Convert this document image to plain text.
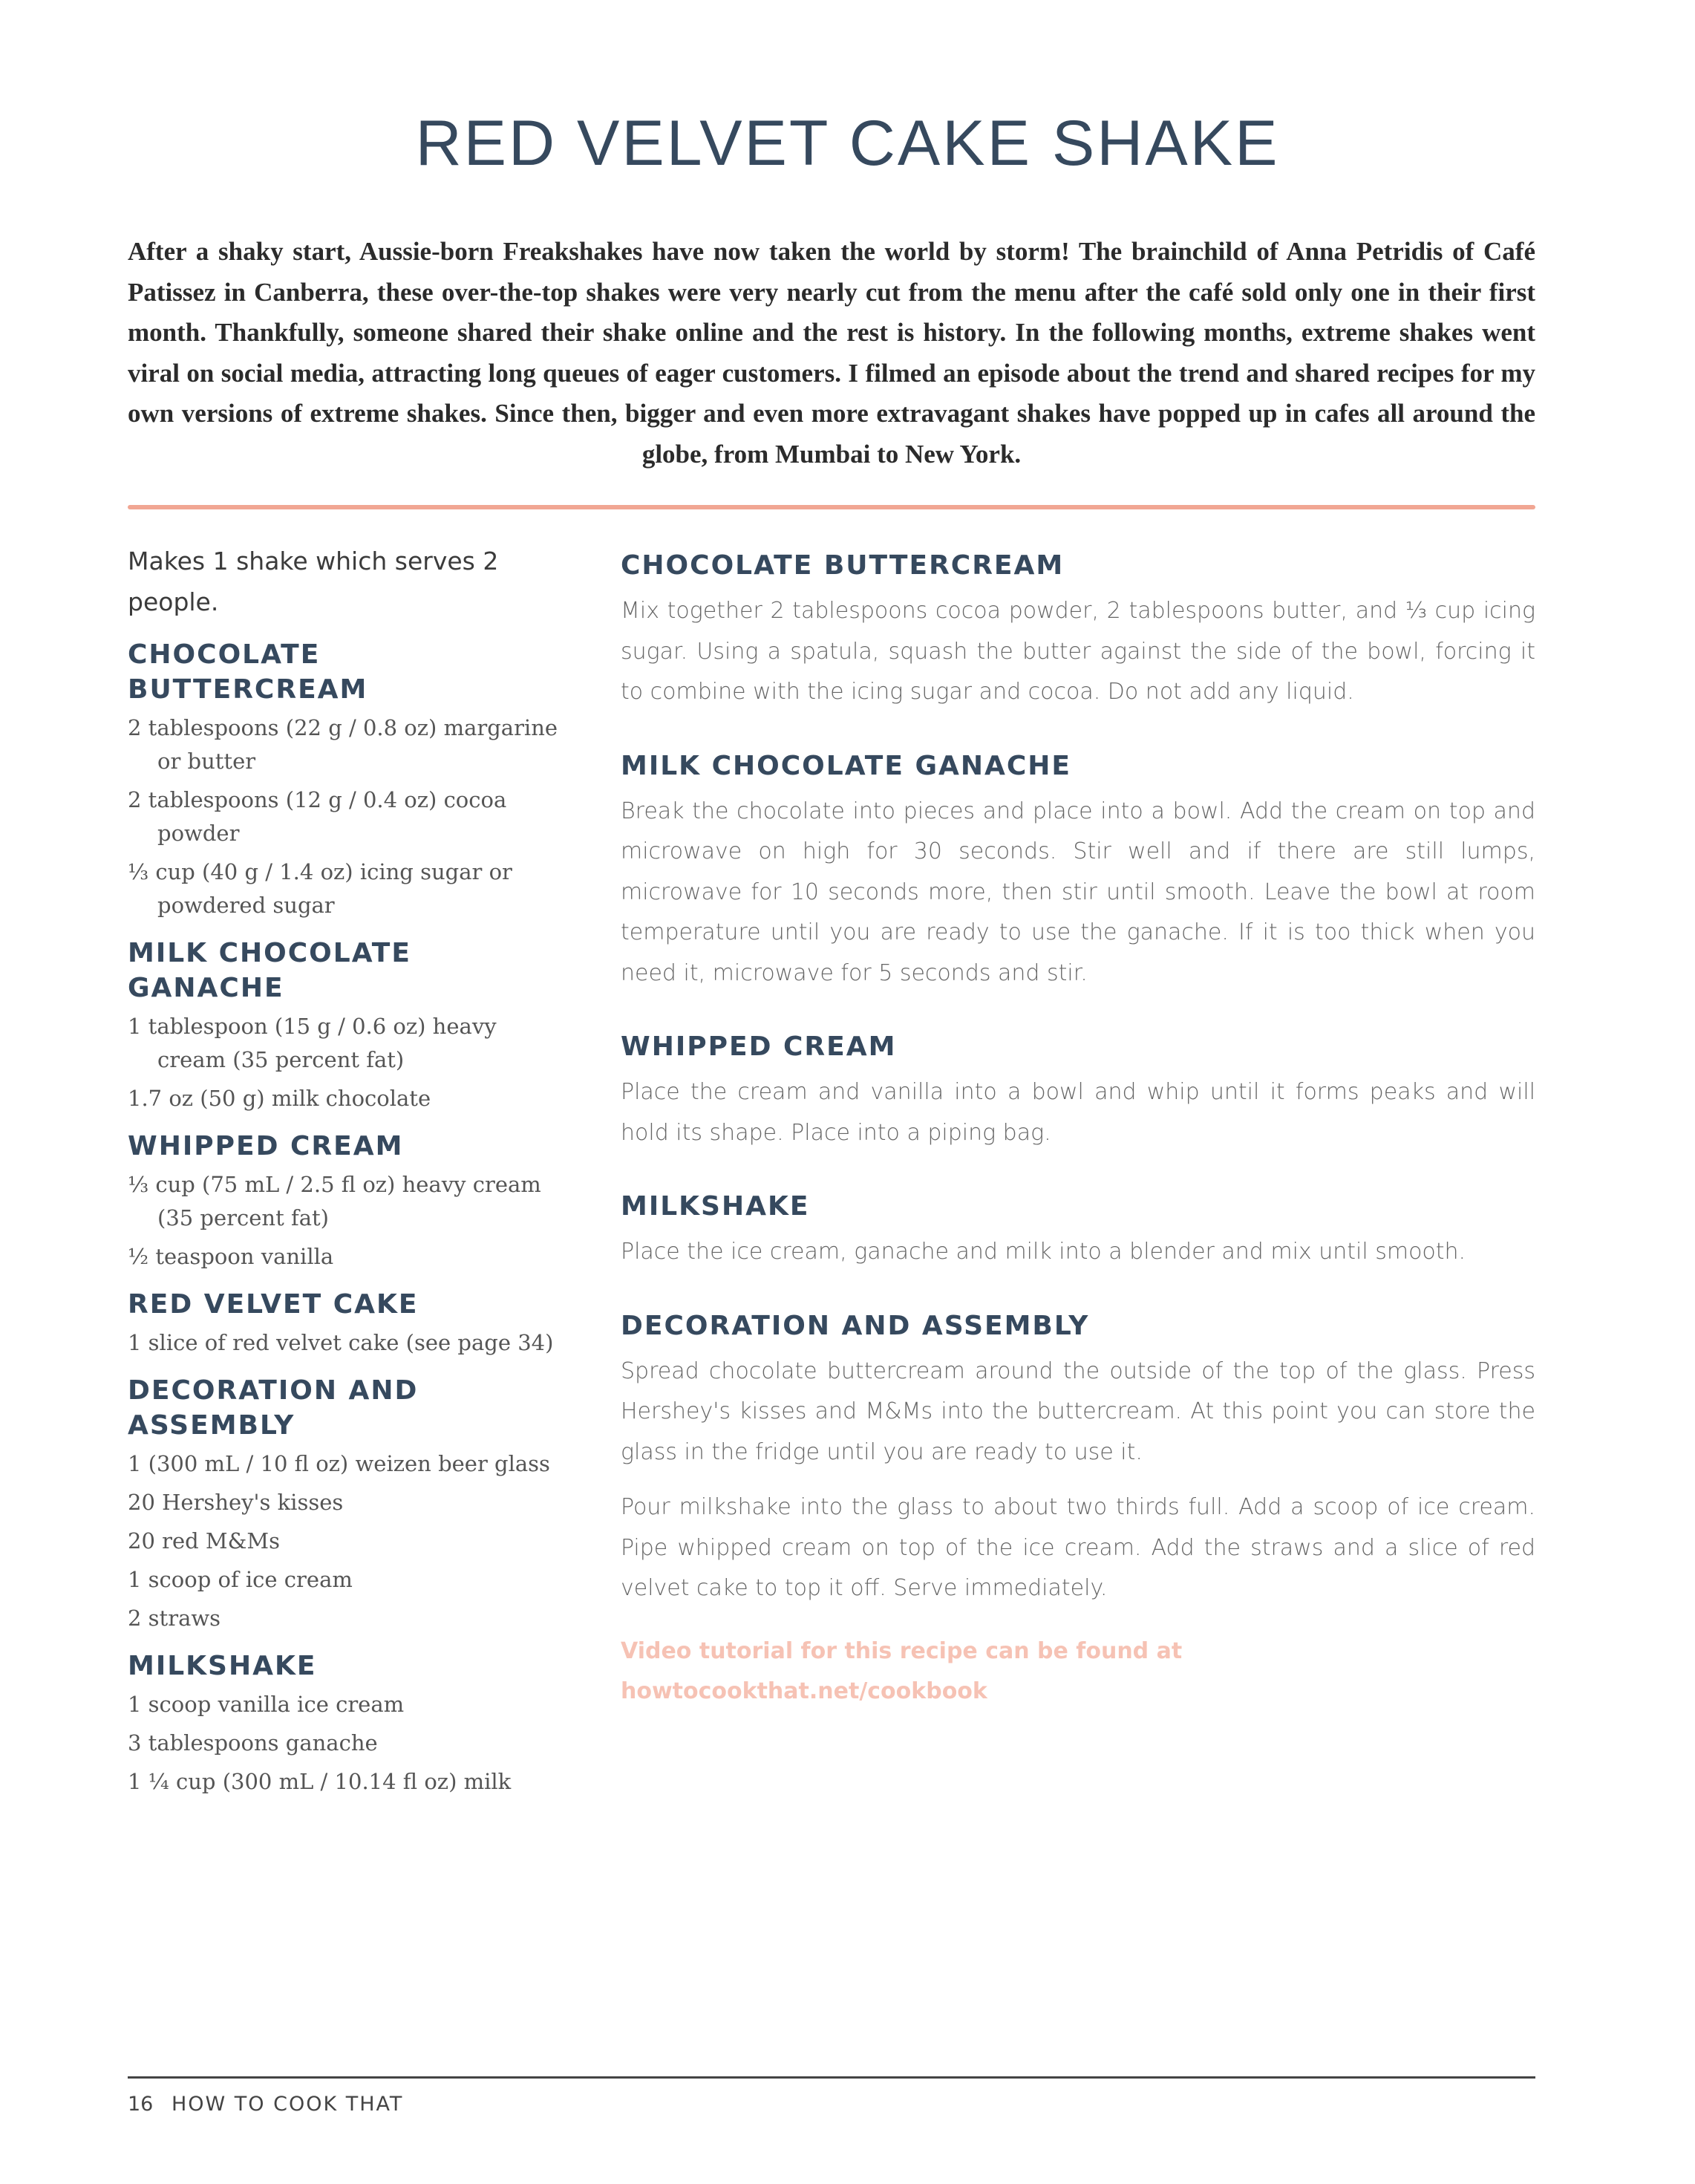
RED VELVET CAKE SHAKE

After a shaky start, Aussie-born Freakshakes have now taken the world by storm! The brainchild of Anna Petridis of Café Patissez in Canberra, these over-the-top shakes were very nearly cut from the menu after the café sold only one in their first month. Thankfully, someone shared their shake online and the rest is history. In the following months, extreme shakes went viral on social media, attracting long queues of eager customers. I filmed an episode about the trend and shared recipes for my own versions of extreme shakes. Since then, bigger and even more extravagant shakes have popped up in cafes all around the globe, from Mumbai to New York.

Makes 1 shake which serves 2 people.

CHOCOLATE BUTTERCREAM
2 tablespoons (22 g / 0.8 oz) margarine or butter
2 tablespoons (12 g / 0.4 oz) cocoa powder
⅓ cup (40 g / 1.4 oz) icing sugar or powdered sugar
MILK CHOCOLATE GANACHE
1 tablespoon (15 g / 0.6 oz) heavy cream (35 percent fat)
1.7 oz (50 g) milk chocolate
WHIPPED CREAM
⅓ cup (75 mL / 2.5 fl oz) heavy cream (35 percent fat)
½ teaspoon vanilla
RED VELVET CAKE
1 slice of red velvet cake (see page 34)
DECORATION AND ASSEMBLY
1 (300 mL / 10 fl oz) weizen beer glass
20 Hershey's kisses
20 red M&Ms
1 scoop of ice cream
2 straws
MILKSHAKE
1 scoop vanilla ice cream
3 tablespoons ganache
1 ¼ cup (300 mL / 10.14 fl oz) milk
CHOCOLATE BUTTERCREAM

Mix together 2 tablespoons cocoa powder, 2 tablespoons butter, and ⅓ cup icing sugar. Using a spatula, squash the butter against the side of the bowl, forcing it to combine with the icing sugar and cocoa. Do not add any liquid.

MILK CHOCOLATE GANACHE

Break the chocolate into pieces and place into a bowl. Add the cream on top and microwave on high for 30 seconds. Stir well and if there are still lumps, microwave for 10 seconds more, then stir until smooth. Leave the bowl at room temperature until you are ready to use the ganache. If it is too thick when you need it, microwave for 5 seconds and stir.

WHIPPED CREAM

Place the cream and vanilla into a bowl and whip until it forms peaks and will hold its shape. Place into a piping bag.

MILKSHAKE

Place the ice cream, ganache and milk into a blender and mix until smooth.

DECORATION AND ASSEMBLY

Spread chocolate buttercream around the outside of the top of the glass. Press Hershey's kisses and M&Ms into the buttercream. At this point you can store the glass in the fridge until you are ready to use it.

Pour milkshake into the glass to about two thirds full. Add a scoop of ice cream. Pipe whipped cream on top of the ice cream. Add the straws and a slice of red velvet cake to top it off. Serve immediately.

Video tutorial for this recipe can be found at howtocookthat.net/cookbook

16 HOW TO COOK THAT
